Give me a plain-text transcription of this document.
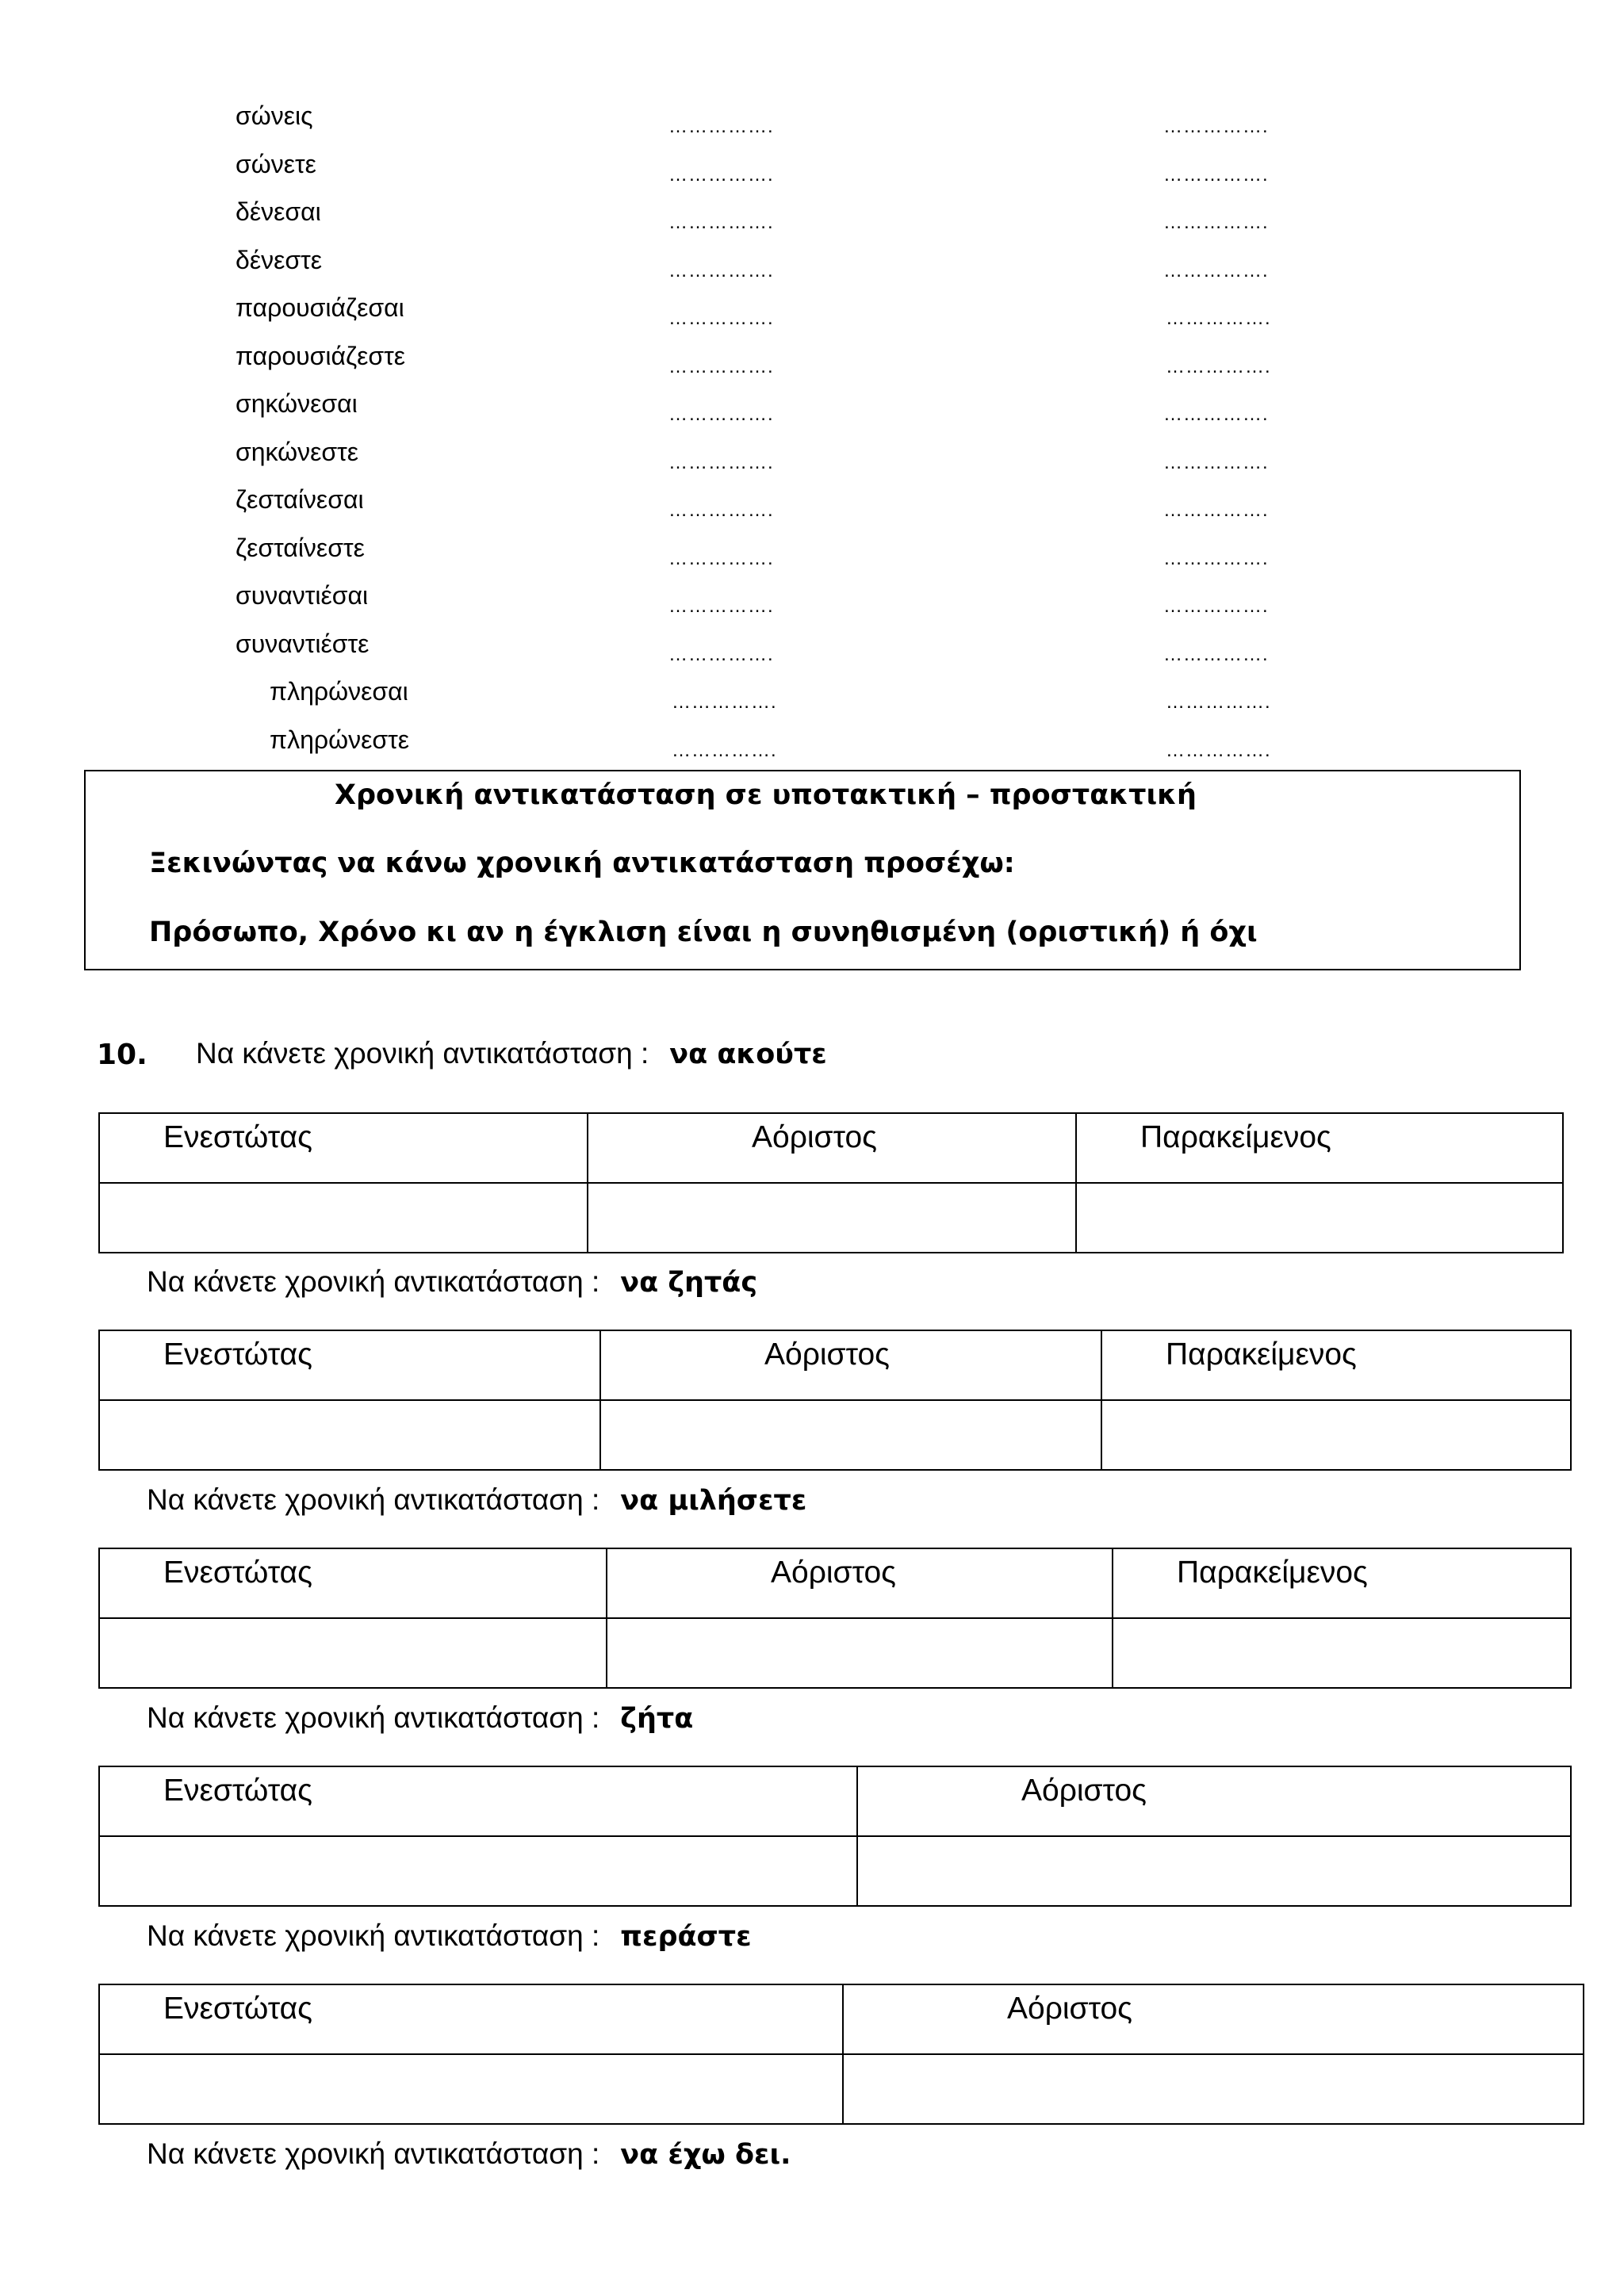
σώνεις	…………….	…………….
σώνετε	…………….	…………….
δένεσαι	…………….	…………….
δένεστε	…………….	…………….
παρουσιάζεσαι	…………….	…………….
παρουσιάζεστε	…………….	…………….
σηκώνεσαι	…………….	…………….
σηκώνεστε	…………….	…………….
ζεσταίνεσαι	…………….	…………….
ζεσταίνεστε	…………….	…………….
συναντιέσαι	…………….	…………….
συναντιέστε	…………….	…………….
πληρώνεσαι	…………….	…………….
πληρώνεστε	…………….	…………….
Χρονική αντικατάσταση σε υποτακτική – προστακτική
Ξεκινώντας να κάνω χρονική αντικατάσταση προσέχω:
Πρόσωπο, Χρόνο κι αν η έγκλιση είναι η συνηθισμένη (οριστική) ή όχι
10. Να κάνετε χρονική αντικατάσταση : να ακούτε
Ενεστώτας	Αόριστος	Παρακείμενος

Να κάνετε χρονική αντικατάσταση : να ζητάς
Ενεστώτας	Αόριστος	Παρακείμενος

Να κάνετε χρονική αντικατάσταση : να μιλήσετε
Ενεστώτας	Αόριστος	Παρακείμενος

Να κάνετε χρονική αντικατάσταση : ζήτα
Ενεστώτας	Αόριστος

Να κάνετε χρονική αντικατάσταση : περάστε
Ενεστώτας	Αόριστος

Να κάνετε χρονική αντικατάσταση : να έχω δει.
